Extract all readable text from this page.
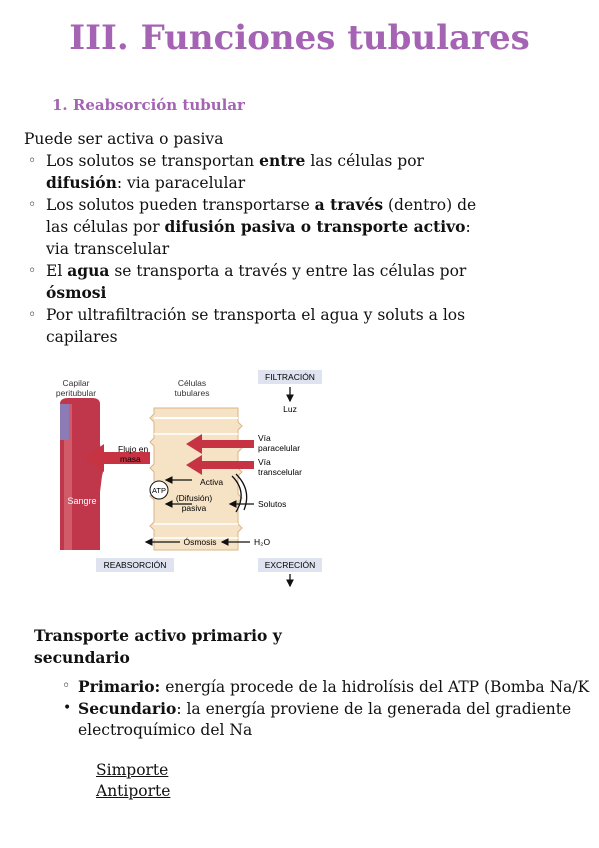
III. Funciones tubulares
1. Reabsorción tubular
Puede ser activa o pasiva
◦ Los solutos se transportan entre las células por difusión: via paracelular
◦ Los solutos pueden transportarse a través (dentro) de las células por difusión pasiva o transporte activo: via transcelular
◦ El agua se transporta a través y entre las células por ósmosi
◦ Por ultrafiltración se transporta el agua y soluts a los capilares
Capilar peritubular
Células tubulares
FILTRACIÓN
Luz
Vía paracelular
Vía transcelular
Flujo en masa
Sangre
ATP
Activa
(Difusión) pasiva	Solutos
Ósmosis	H₂O
REABSORCIÓN	EXCRECIÓN
Transporte activo primario y secundario
◦ Primario: energía procede de la hidrolísis del ATP (Bomba Na/K
• Secundario: la energía proviene de la generada del gradiente electroquímico del Na
Simporte
Antiporte
